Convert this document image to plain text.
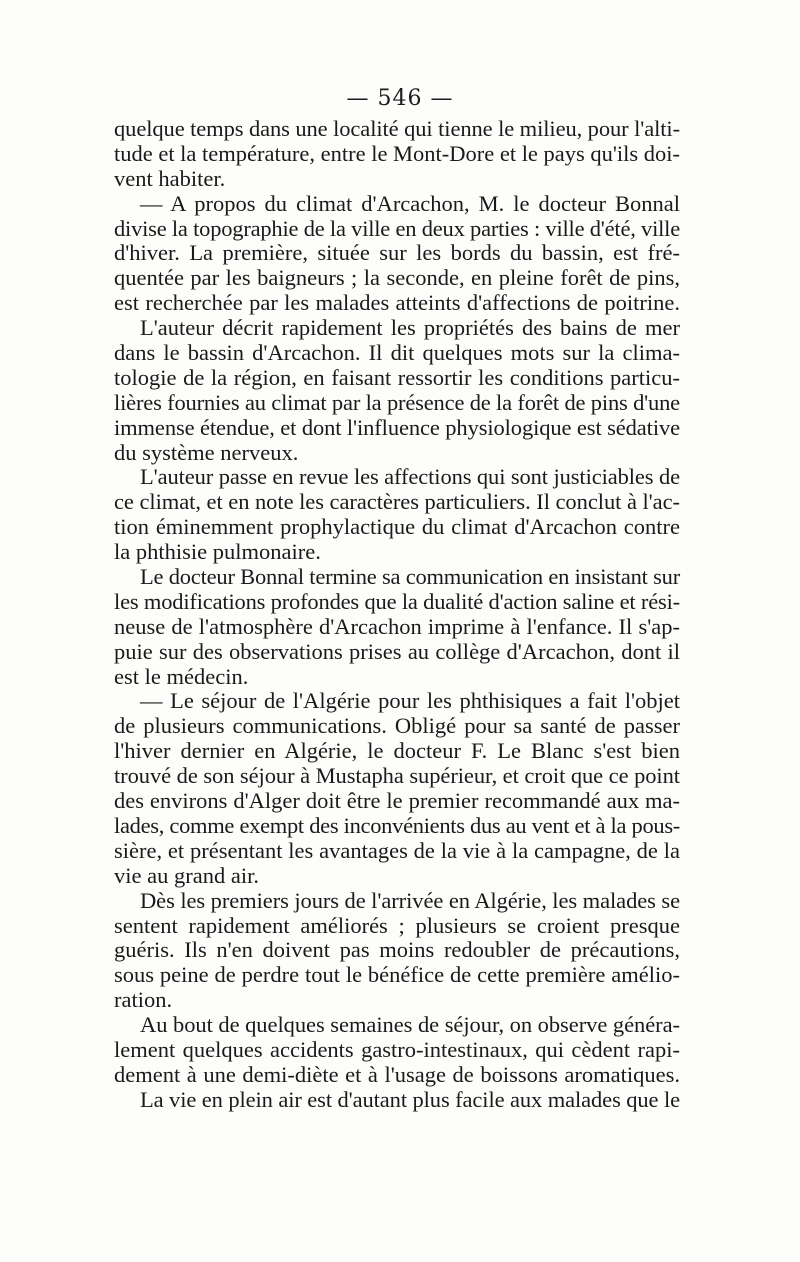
— 546 —
quelque temps dans une localité qui tienne le milieu, pour l'alti-
tude et la température, entre le Mont-Dore et le pays qu'ils doi-
vent habiter.
— A propos du climat d'Arcachon, M. le docteur Bonnal
divise la topographie de la ville en deux parties : ville d'été, ville
d'hiver. La première, située sur les bords du bassin, est fré-
quentée par les baigneurs ; la seconde, en pleine forêt de pins,
est recherchée par les malades atteints d'affections de poitrine.
L'auteur décrit rapidement les propriétés des bains de mer
dans le bassin d'Arcachon. Il dit quelques mots sur la clima-
tologie de la région, en faisant ressortir les conditions particu-
lières fournies au climat par la présence de la forêt de pins d'une
immense étendue, et dont l'influence physiologique est sédative
du système nerveux.
L'auteur passe en revue les affections qui sont justiciables de
ce climat, et en note les caractères particuliers. Il conclut à l'ac-
tion éminemment prophylactique du climat d'Arcachon contre
la phthisie pulmonaire.
Le docteur Bonnal termine sa communication en insistant sur
les modifications profondes que la dualité d'action saline et rési-
neuse de l'atmosphère d'Arcachon imprime à l'enfance. Il s'ap-
puie sur des observations prises au collège d'Arcachon, dont il
est le médecin.
— Le séjour de l'Algérie pour les phthisiques a fait l'objet
de plusieurs communications. Obligé pour sa santé de passer
l'hiver dernier en Algérie, le docteur F. Le Blanc s'est bien
trouvé de son séjour à Mustapha supérieur, et croit que ce point
des environs d'Alger doit être le premier recommandé aux ma-
lades, comme exempt des inconvénients dus au vent et à la pous-
sière, et présentant les avantages de la vie à la campagne, de la
vie au grand air.
Dès les premiers jours de l'arrivée en Algérie, les malades se
sentent rapidement améliorés ; plusieurs se croient presque
guéris. Ils n'en doivent pas moins redoubler de précautions,
sous peine de perdre tout le bénéfice de cette première amélio-
ration.
Au bout de quelques semaines de séjour, on observe généra-
lement quelques accidents gastro-intestinaux, qui cèdent rapi-
dement à une demi-diète et à l'usage de boissons aromatiques.
La vie en plein air est d'autant plus facile aux malades que le
